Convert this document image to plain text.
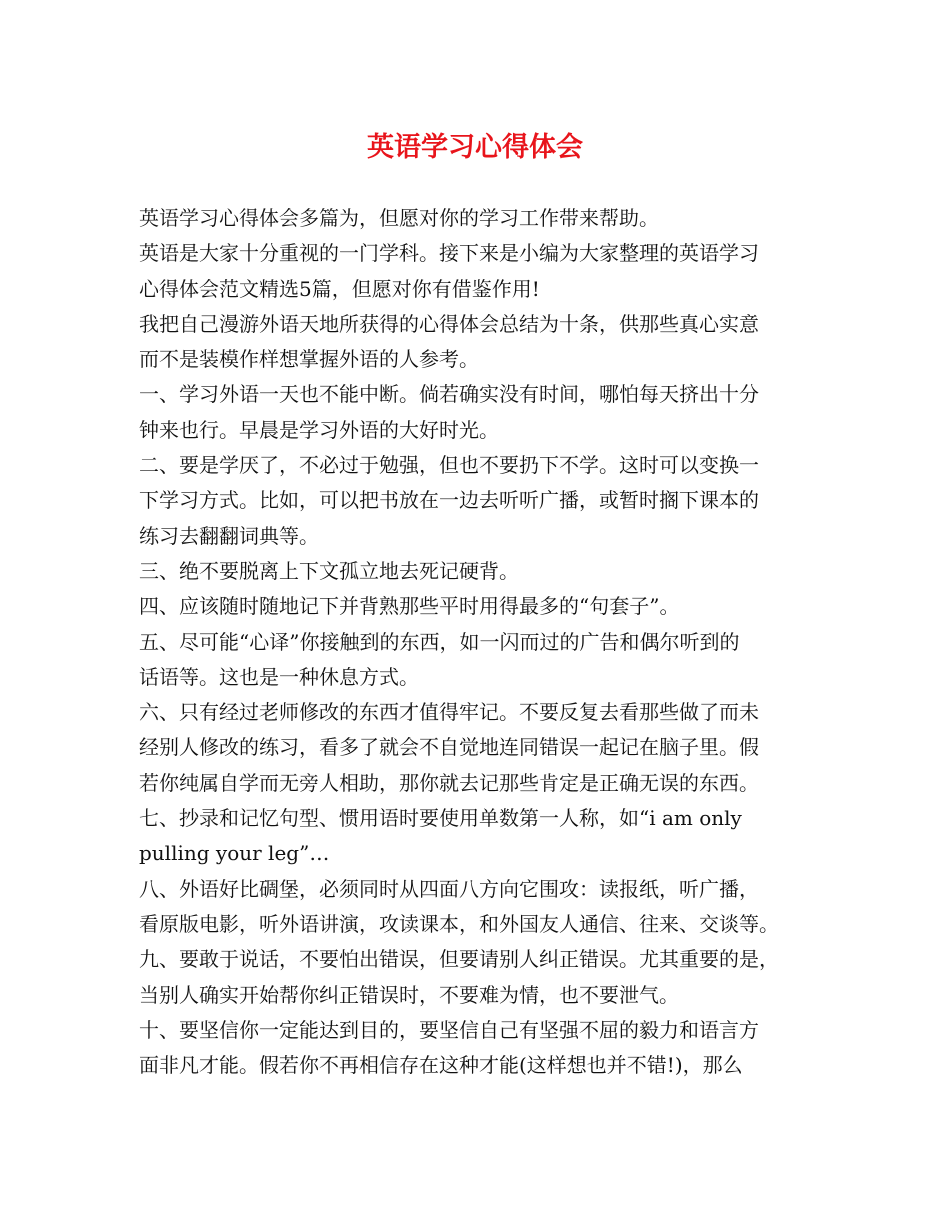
英语学习心得体会
英语学习心得体会多篇为，但愿对你的学习工作带来帮助。
英语是大家十分重视的一门学科。接下来是小编为大家整理的英语学习
心得体会范文精选5篇，但愿对你有借鉴作用!
我把自己漫游外语天地所获得的心得体会总结为十条，供那些真心实意
而不是装模作样想掌握外语的人参考。
一、学习外语一天也不能中断。倘若确实没有时间，哪怕每天挤出十分
钟来也行。早晨是学习外语的大好时光。
二、要是学厌了，不必过于勉强，但也不要扔下不学。这时可以变换一
下学习方式。比如，可以把书放在一边去听听广播，或暂时搁下课本的
练习去翻翻词典等。
三、绝不要脱离上下文孤立地去死记硬背。
四、应该随时随地记下并背熟那些平时用得最多的“句套子”。
五、尽可能“心译”你接触到的东西，如一闪而过的广告和偶尔听到的
话语等。这也是一种休息方式。
六、只有经过老师修改的东西才值得牢记。不要反复去看那些做了而未
经别人修改的练习，看多了就会不自觉地连同错误一起记在脑子里。假
若你纯属自学而无旁人相助，那你就去记那些肯定是正确无误的东西。
七、抄录和记忆句型、惯用语时要使用单数第一人称，如“i am only
pulling your leg”…
八、外语好比碉堡，必须同时从四面八方向它围攻：读报纸，听广播，
看原版电影，听外语讲演，攻读课本，和外国友人通信、往来、交谈等。
九、要敢于说话，不要怕出错误，但要请别人纠正错误。尤其重要的是，
当别人确实开始帮你纠正错误时，不要难为情，也不要泄气。
十、要坚信你一定能达到目的，要坚信自己有坚强不屈的毅力和语言方
面非凡才能。假若你不再相信存在这种才能(这样想也并不错!)，那么
